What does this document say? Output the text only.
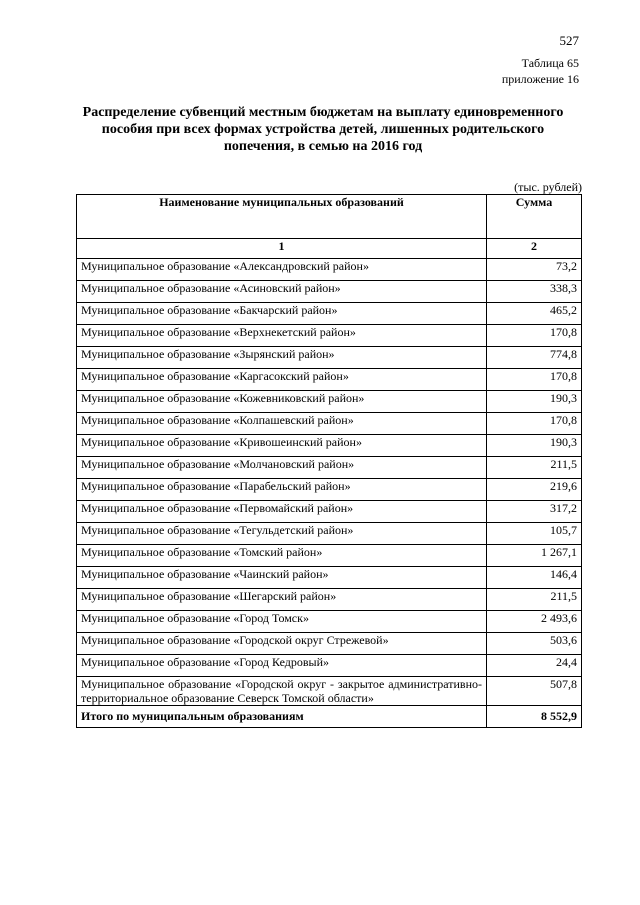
527
Таблица 65
приложение 16
Распределение субвенций местным бюджетам на выплату единовременного пособия при всех формах устройства детей, лишенных родительского попечения, в семью на 2016 год
(тыс. рублей)
Наименование муниципальных образований	Сумма
1	2
Муниципальное образование «Александровский район»	73,2
Муниципальное образование «Асиновский район»	338,3
Муниципальное образование «Бакчарский район»	465,2
Муниципальное образование «Верхнекетский район»	170,8
Муниципальное образование «Зырянский район»	774,8
Муниципальное образование «Каргасокский район»	170,8
Муниципальное образование «Кожевниковский район»	190,3
Муниципальное образование «Колпашевский район»	170,8
Муниципальное образование «Кривошеинский район»	190,3
Муниципальное образование «Молчановский район»	211,5
Муниципальное образование «Парабельский район»	219,6
Муниципальное образование «Первомайский район»	317,2
Муниципальное образование «Тегульдетский район»	105,7
Муниципальное образование «Томский район»	1 267,1
Муниципальное образование «Чаинский район»	146,4
Муниципальное образование «Шегарский район»	211,5
Муниципальное образование «Город Томск»	2 493,6
Муниципальное образование «Городской округ Стрежевой»	503,6
Муниципальное образование «Город Кедровый»	24,4
Муниципальное образование «Городской округ - закрытое административно-территориальное образование Северск Томской области»	507,8
Итого по муниципальным образованиям	8 552,9
